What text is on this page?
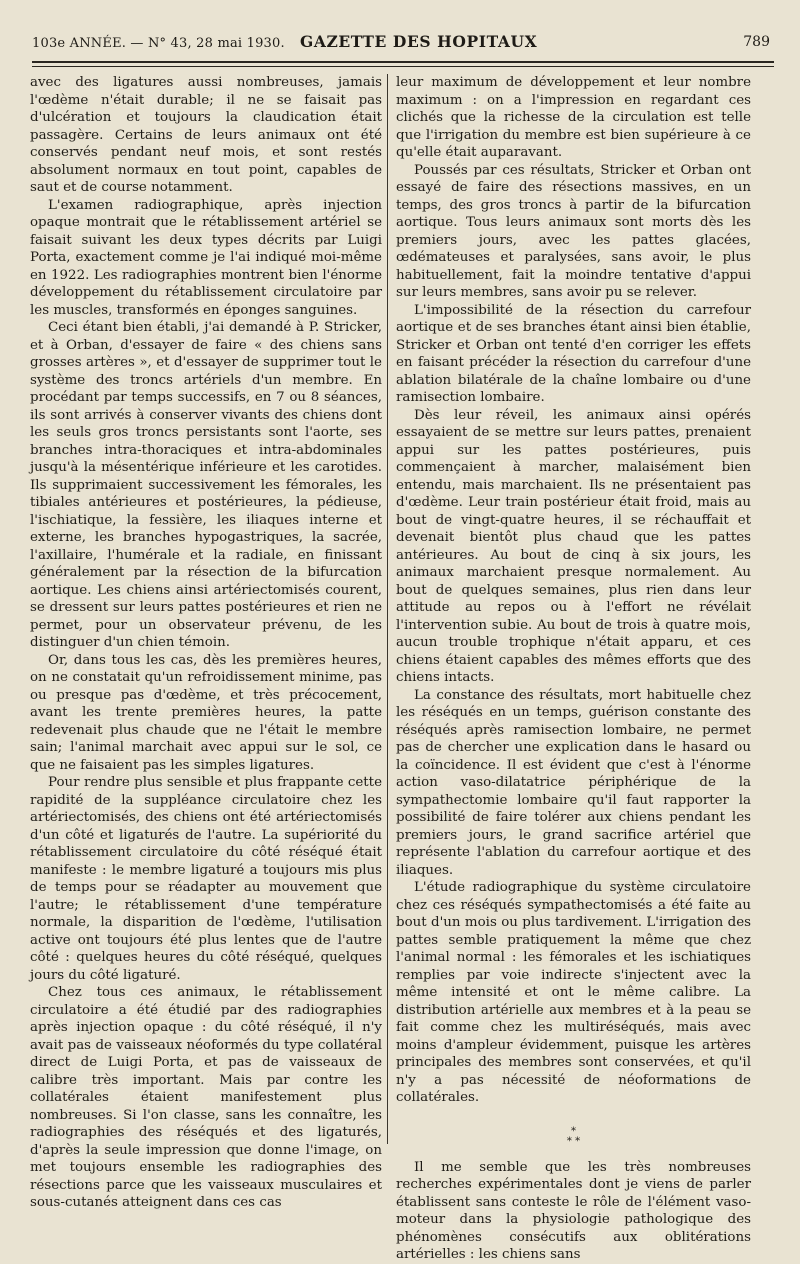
103e ANNÉE. — N° 43, 28 mai 1930. GAZETTE DES HOPITAUX	789

avec des ligatures aussi nombreuses, jamais l'œdème n'était durable; il ne se faisait pas d'ulcération et toujours la claudication était passagère. Certains de leurs animaux ont été conservés pendant neuf mois, et sont restés absolument normaux en tout point, capables de saut et de course notamment.

L'examen radiographique, après injection opaque montrait que le rétablissement artériel se faisait suivant les deux types décrits par Luigi Porta, exactement comme je l'ai indiqué moi-même en 1922. Les radiographies montrent bien l'énorme développement du rétablissement circulatoire par les muscles, transformés en éponges sanguines.

Ceci étant bien établi, j'ai demandé à P. Stricker, et à Orban, d'essayer de faire « des chiens sans grosses artères », et d'essayer de supprimer tout le système des troncs artériels d'un membre. En procédant par temps successifs, en 7 ou 8 séances, ils sont arrivés à conserver vivants des chiens dont les seuls gros troncs persistants sont l'aorte, ses branches intra-thoraciques et intra-abdominales jusqu'à la mésentérique inférieure et les carotides. Ils supprimaient successivement les fémorales, les tibiales antérieures et postérieures, la pédieuse, l'ischiatique, la fessière, les iliaques interne et externe, les branches hypogastriques, la sacrée, l'axillaire, l'humérale et la radiale, en finissant généralement par la résection de la bifurcation aortique. Les chiens ainsi artériectomisés courent, se dressent sur leurs pattes postérieures et rien ne permet, pour un observateur prévenu, de les distinguer d'un chien témoin.

Or, dans tous les cas, dès les premières heures, on ne constatait qu'un refroidissement minime, pas ou presque pas d'œdème, et très précocement, avant les trente premières heures, la patte redevenait plus chaude que ne l'était le membre sain; l'animal marchait avec appui sur le sol, ce que ne faisaient pas les simples ligatures.

Pour rendre plus sensible et plus frappante cette rapidité de la suppléance circulatoire chez les artériectomisés, des chiens ont été artériectomisés d'un côté et ligaturés de l'autre. La supériorité du rétablissement circulatoire du côté réséqué était manifeste : le membre ligaturé a toujours mis plus de temps pour se réadapter au mouvement que l'autre; le rétablissement d'une température normale, la disparition de l'œdème, l'utilisation active ont toujours été plus lentes que de l'autre côté : quelques heures du côté réséqué, quelques jours du côté ligaturé.

Chez tous ces animaux, le rétablissement circulatoire a été étudié par des radiographies après injection opaque : du côté réséqué, il n'y avait pas de vaisseaux néoformés du type collatéral direct de Luigi Porta, et pas de vaisseaux de calibre très important. Mais par contre les collatérales étaient manifestement plus nombreuses. Si l'on classe, sans les connaître, les radiographies des réséqués et des ligaturés, d'après la seule impression que donne l'image, on met toujours ensemble les radiographies des résections parce que les vaisseaux musculaires et sous-cutanés atteignent dans ces cas

leur maximum de développement et leur nombre maximum : on a l'impression en regardant ces clichés que la richesse de la circulation est telle que l'irrigation du membre est bien supérieure à ce qu'elle était auparavant.

Poussés par ces résultats, Stricker et Orban ont essayé de faire des résections massives, en un temps, des gros troncs à partir de la bifurcation aortique. Tous leurs animaux sont morts dès les premiers jours, avec les pattes glacées, œdémateuses et paralysées, sans avoir, le plus habituellement, fait la moindre tentative d'appui sur leurs membres, sans avoir pu se relever.

L'impossibilité de la résection du carrefour aortique et de ses branches étant ainsi bien établie, Stricker et Orban ont tenté d'en corriger les effets en faisant précéder la résection du carrefour d'une ablation bilatérale de la chaîne lombaire ou d'une ramisection lombaire.

Dès leur réveil, les animaux ainsi opérés essayaient de se mettre sur leurs pattes, prenaient appui sur les pattes postérieures, puis commençaient à marcher, malaisément bien entendu, mais marchaient. Ils ne présentaient pas d'œdème. Leur train postérieur était froid, mais au bout de vingt-quatre heures, il se réchauffait et devenait bientôt plus chaud que les pattes antérieures. Au bout de cinq à six jours, les animaux marchaient presque normalement. Au bout de quelques semaines, plus rien dans leur attitude au repos ou à l'effort ne révélait l'intervention subie. Au bout de trois à quatre mois, aucun trouble trophique n'était apparu, et ces chiens étaient capables des mêmes efforts que des chiens intacts.

La constance des résultats, mort habituelle chez les réséqués en un temps, guérison constante des réséqués après ramisection lombaire, ne permet pas de chercher une explication dans le hasard ou la coïncidence. Il est évident que c'est à l'énorme action vaso-dilatatrice périphérique de la sympathectomie lombaire qu'il faut rapporter la possibilité de faire tolérer aux chiens pendant les premiers jours, le grand sacrifice artériel que représente l'ablation du carrefour aortique et des iliaques.

L'étude radiographique du système circulatoire chez ces réséqués sympathectomisés a été faite au bout d'un mois ou plus tardivement. L'irrigation des pattes semble pratiquement la même que chez l'animal normal : les fémorales et les ischiatiques remplies par voie indirecte s'injectent avec la même intensité et ont le même calibre. La distribution artérielle aux membres et à la peau se fait comme chez les multiréséqués, mais avec moins d'ampleur évidemment, puisque les artères principales des membres sont conservées, et qu'il n'y a pas nécessité de néoformations de collatérales.

*
* *

Il me semble que les très nombreuses recherches expérimentales dont je viens de parler établissent sans conteste le rôle de l'élément vaso-moteur dans la physiologie pathologique des phénomènes consécutifs aux oblitérations artérielles : les chiens sans
